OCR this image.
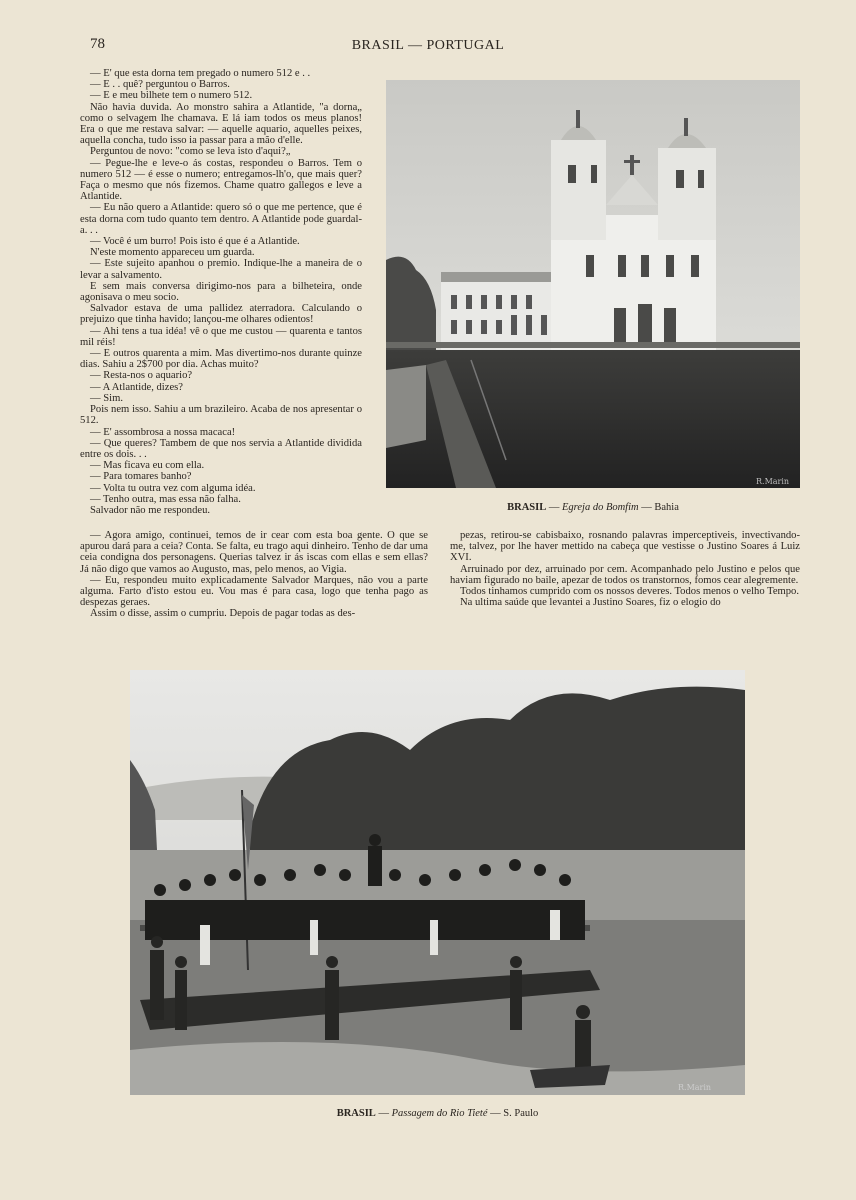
78	BRASIL — PORTUGAL

— E' que esta dorna tem pregado o numero 512 e . .

— E . . quê? perguntou o Barros.

— E e meu bilhete tem o numero 512.

Não havia duvida. Ao monstro sahira a Atlantide, "a dorna„ como o selvagem lhe chamava. E lá iam todos os meus planos! Era o que me restava salvar: — aquelle aquario, aquelles peixes, aquella concha, tudo isso ia passar para a mão d'elle.

Perguntou de novo: "como se leva isto d'aqui?„

— Pegue-lhe e leve-o ás costas, respondeu o Barros. Tem o numero 512 — é esse o numero; entregamos-lh'o, que mais quer? Faça o mesmo que nós fizemos. Chame quatro gallegos e leve a Atlantide.

— Eu não quero a Atlantide: quero só o que me pertence, que é esta dorna com tudo quanto tem dentro. A Atlantide pode guardal-a. . .

— Você é um burro! Pois isto é que é a Atlantide.

N'este momento appareceu um guarda.

— Este sujeito apanhou o premio. Indique-lhe a maneira de o levar a salvamento.

E sem mais conversa dirigimo-nos para a bilheteira, onde agonisava o meu socio.

Salvador estava de uma pallidez aterradora. Calculando o prejuizo que tinha havido; lançou-me olhares odientos!

— Ahi tens a tua idéa! vê o que me custou — quarenta e tantos mil réis!

— E outros quarenta a mim. Mas divertimo-nos durante quinze dias. Sahiu a 2$700 por dia. Achas muito?

— Resta-nos o aquario?

— A Atlantide, dizes?

— Sim.

Pois nem isso. Sahiu a um brazileiro. Acaba de nos apresentar o 512.

— E' assombrosa a nossa macaca!

— Que queres? Tambem de que nos servia a Atlantide dividida entre os dois. . .

— Mas ficava eu com ella.

— Para tomares banho?

— Volta tu outra vez com alguma idéa.

— Tenho outra, mas essa não falha.

Salvador não me respondeu.

R.Marin
BRASIL — Egreja do Bomfim — Bahia

— Agora amigo, continuei, temos de ir cear com esta boa gente. O que se apurou dará para a ceia? Conta. Se falta, eu trago aqui dinheiro. Tenho de dar uma ceia condigna dos personagens. Querias talvez ir ás iscas com ellas e sem ellas? Já não digo que vamos ao Augusto, mas, pelo menos, ao Vigia.

— Eu, respondeu muito explicadamente Salvador Marques, não vou a parte alguma. Farto d'isto estou eu. Vou mas é para casa, logo que tenha pago as despezas geraes.

Assim o disse, assim o cumpriu. Depois de pagar todas as des-

pezas, retirou-se cabisbaixo, rosnando palavras imperceptiveis, invectivando-me, talvez, por lhe haver mettido na cabeça que vestisse o Justino Soares á Luiz XVI.

Arruinado por dez, arruinado por cem. Acompanhado pelo Justino e pelos que haviam figurado no baile, apezar de todos os transtornos, fomos cear alegremente.

Todos tinhamos cumprido com os nossos deveres. Todos menos o velho Tempo.

Na ultima saúde que levantei a Justino Soares, fiz o elogio do

R.Marin
BRASIL — Passagem do Rio Tieté — S. Paulo
